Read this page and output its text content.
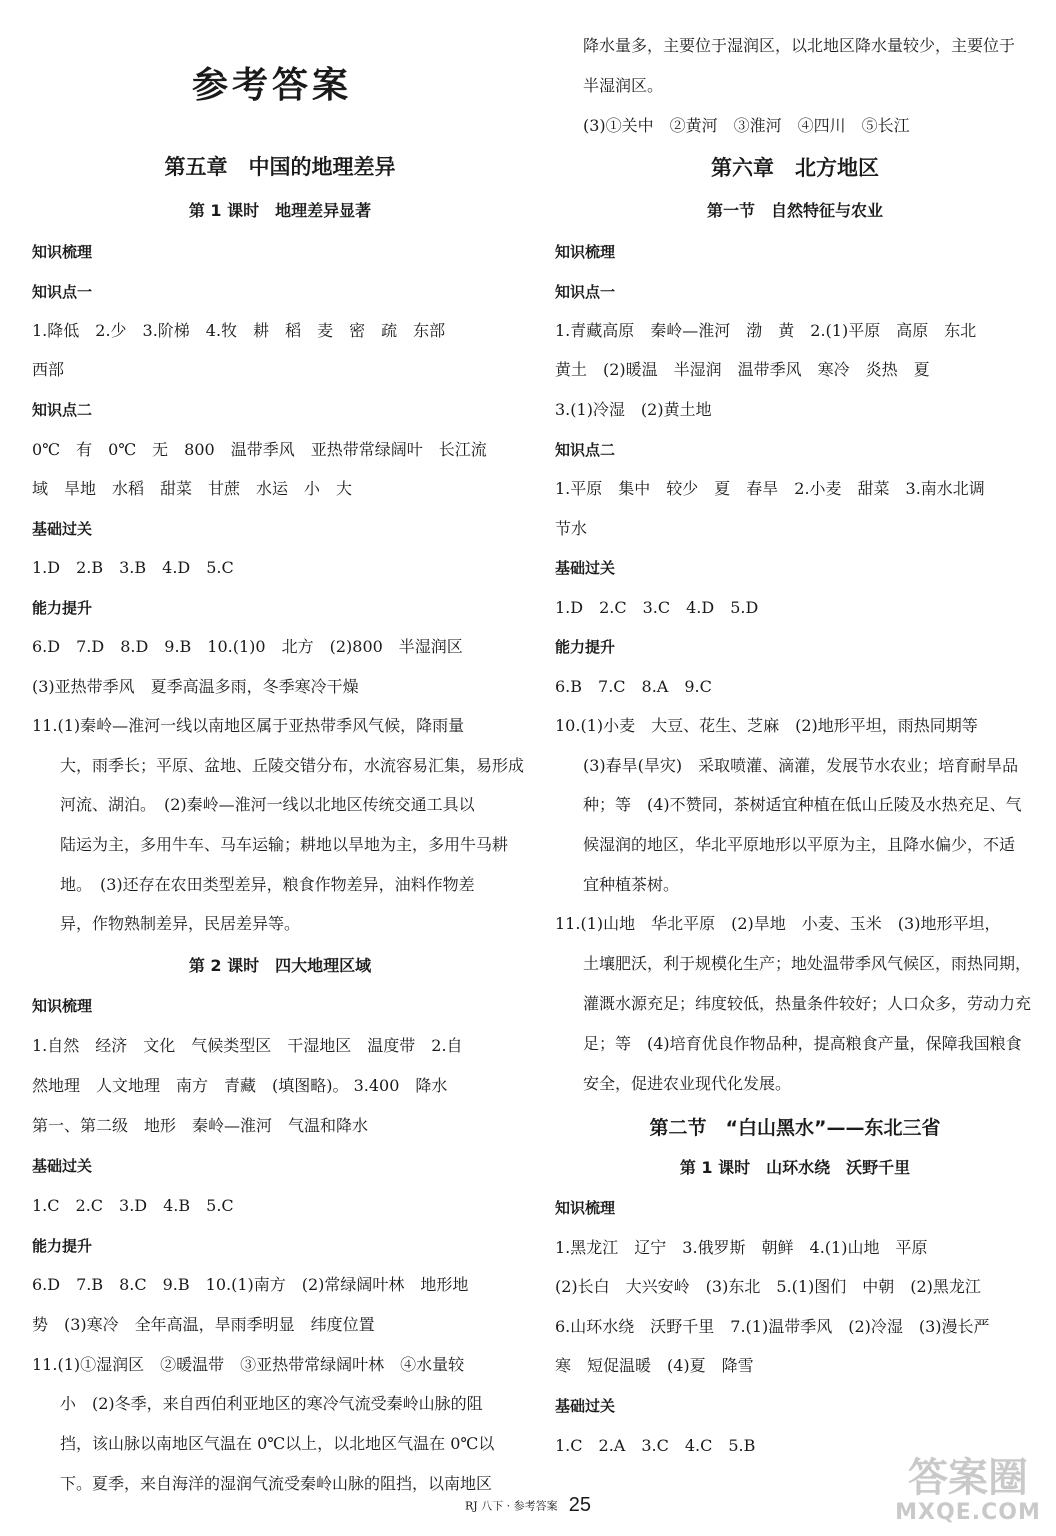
参考答案
第五章　中国的地理差异
第 1 课时　地理差异显著
知识梳理
知识点一
1.降低　2.少　3.阶梯　4.牧　耕　稻　麦　密　疏　东部
西部
知识点二
0℃　有　0℃　无　800　温带季风　亚热带常绿阔叶　长江流
域　旱地　水稻　甜菜　甘蔗　水运　小　大
基础过关
1.D　2.B　3.B　4.D　5.C
能力提升
6.D　7.D　8.D　9.B　10.(1)0　北方　(2)800　半湿润区
(3)亚热带季风　夏季高温多雨，冬季寒冷干燥
11.(1)秦岭—淮河一线以南地区属于亚热带季风气候，降雨量
大，雨季长；平原、盆地、丘陵交错分布，水流容易汇集，易形成
河流、湖泊。　(2)秦岭—淮河一线以北地区传统交通工具以
陆运为主，多用牛车、马车运输；耕地以旱地为主，多用牛马耕
地。　(3)还存在农田类型差异，粮食作物差异，油料作物差
异，作物熟制差异，民居差异等。
第 2 课时　四大地理区域
知识梳理
1.自然　经济　文化　气候类型区　干湿地区　温度带　2.自
然地理　人文地理　南方　青藏　(填图略)。 3.400　降水
第一、第二级　地形　秦岭—淮河　气温和降水
基础过关
1.C　2.C　3.D　4.B　5.C
能力提升
6.D　7.B　8.C　9.B　10.(1)南方　(2)常绿阔叶林　地形地
势　(3)寒冷　全年高温，旱雨季明显　纬度位置
11.(1)①湿润区　②暖温带　③亚热带常绿阔叶林　④水量较
小　(2)冬季，来自西伯利亚地区的寒冷气流受秦岭山脉的阻
挡，该山脉以南地区气温在 0℃以上，以北地区气温在 0℃以
下。夏季，来自海洋的湿润气流受秦岭山脉的阻挡，以南地区
降水量多，主要位于湿润区，以北地区降水量较少，主要位于
半湿润区。
(3)①关中　②黄河　③淮河　④四川　⑤长江
第六章　北方地区
第一节　自然特征与农业
知识梳理
知识点一
1.青藏高原　秦岭—淮河　渤　黄　2.(1)平原　高原　东北
黄土　(2)暖温　半湿润　温带季风　寒冷　炎热　夏
3.(1)冷湿　(2)黄土地
知识点二
1.平原　集中　较少　夏　春旱　2.小麦　甜菜　3.南水北调
节水
基础过关
1.D　2.C　3.C　4.D　5.D
能力提升
6.B　7.C　8.A　9.C
10.(1)小麦　大豆、花生、芝麻　(2)地形平坦，雨热同期等
(3)春旱(旱灾)　采取喷灌、滴灌，发展节水农业；培育耐旱品
种；等　(4)不赞同，茶树适宜种植在低山丘陵及水热充足、气
候湿润的地区，华北平原地形以平原为主，且降水偏少，不适
宜种植茶树。
11.(1)山地　华北平原　(2)旱地　小麦、玉米　(3)地形平坦，
土壤肥沃，利于规模化生产；地处温带季风气候区，雨热同期，
灌溉水源充足；纬度较低，热量条件较好；人口众多，劳动力充
足；等　(4)培育优良作物品种，提高粮食产量，保障我国粮食
安全，促进农业现代化发展。
第二节　“白山黑水”——东北三省
第 1 课时　山环水绕　沃野千里
知识梳理
1.黑龙江　辽宁　3.俄罗斯　朝鲜　4.(1)山地　平原
(2)长白　大兴安岭　(3)东北　5.(1)图们　中朝　(2)黑龙江
6.山环水绕　沃野千里　7.(1)温带季风　(2)冷湿　(3)漫长严
寒　短促温暖　(4)夏　降雪
基础过关
1.C　2.A　3.C　4.C　5.B
RJ 八下 · 参考答案 25
答案圈
MXQE.COM
